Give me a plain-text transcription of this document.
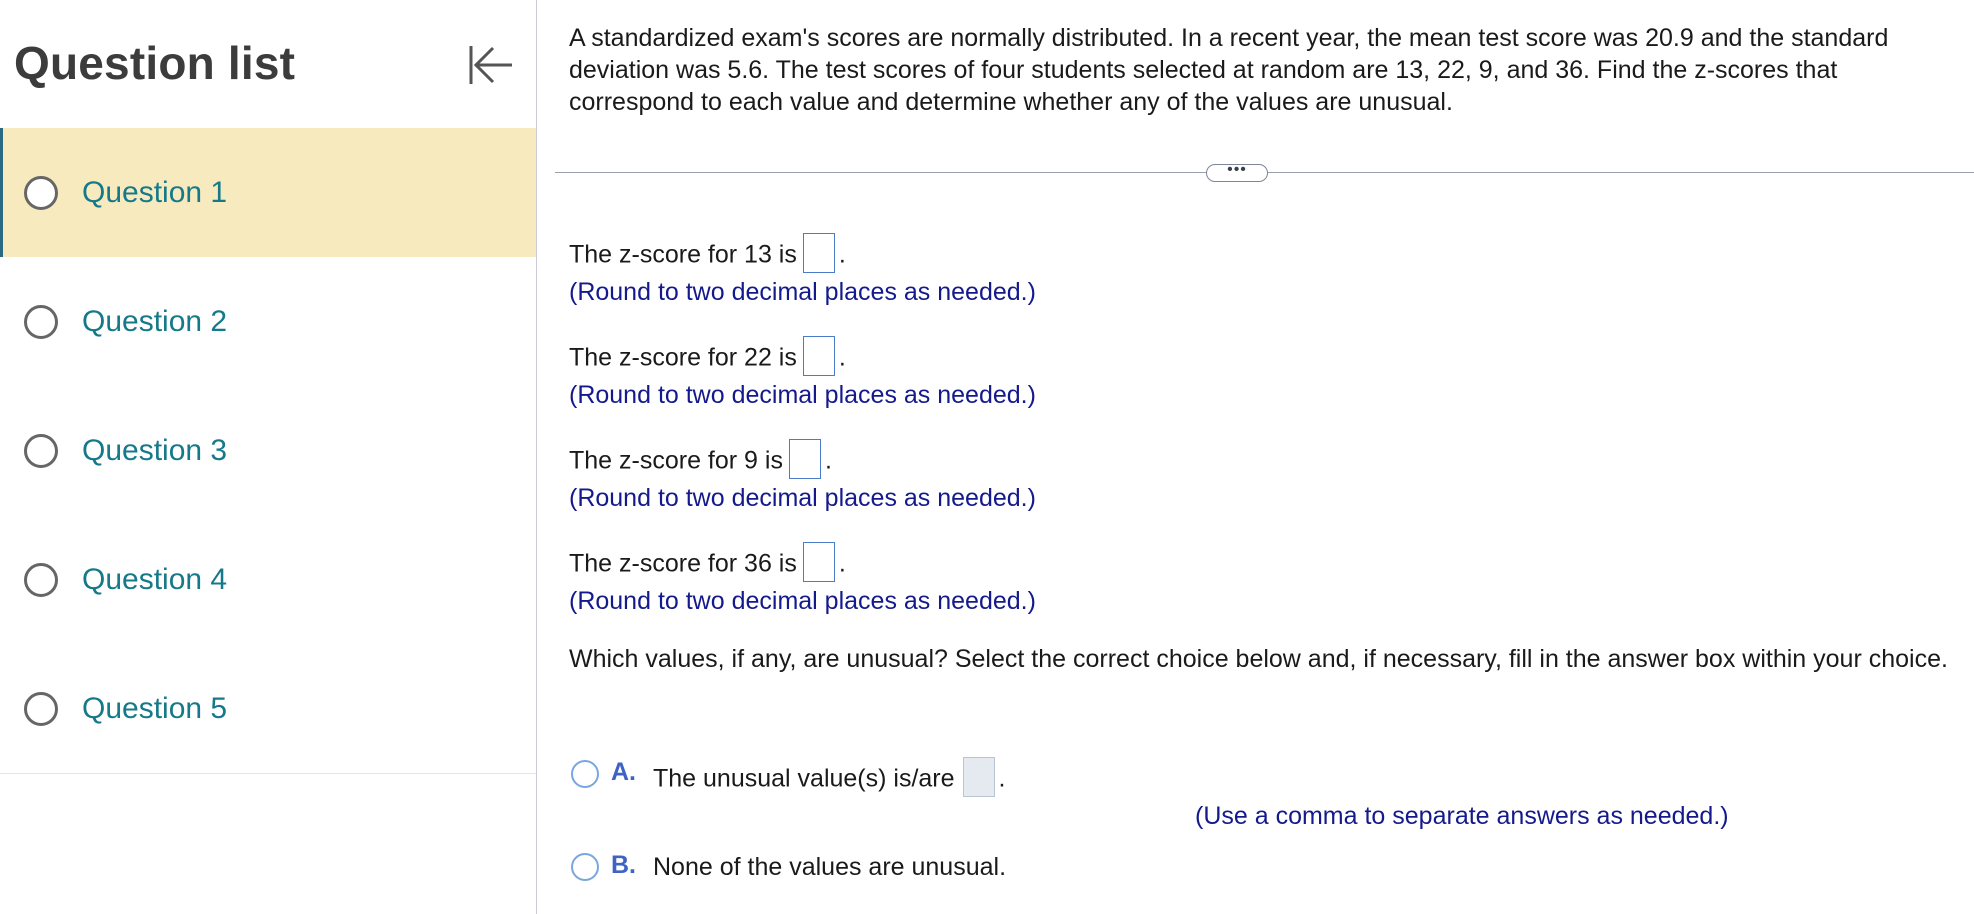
Question list
Question 1
Question 2
Question 3
Question 4
Question 5
A standardized exam's scores are normally distributed. In a recent year, the mean test score was 20.9 and the standard deviation was 5.6. The test scores of four students selected at random are 13, 22, 9, and 36. Find the z-scores that correspond to each value and determine whether any of the values are unusual.
•••
The z-score for 13 is .
(Round to two decimal places as needed.)
The z-score for 22 is .
(Round to two decimal places as needed.)
The z-score for 9 is .
(Round to two decimal places as needed.)
The z-score for 36 is .
(Round to two decimal places as needed.)
Which values, if any, are unusual? Select the correct choice below and, if necessary, fill in the answer box within your choice.
A. The unusual value(s) is/are .
(Use a comma to separate answers as needed.)
B. None of the values are unusual.
